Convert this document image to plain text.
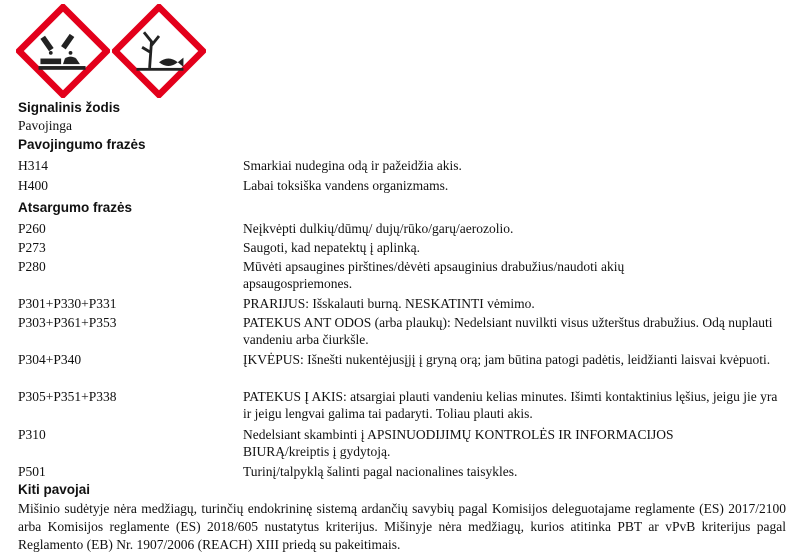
Signalinis žodis
Pavojinga
Pavojingumo frazės
H314	Smarkiai nudegina odą ir pažeidžia akis.
H400	Labai toksiška vandens organizmams.
Atsargumo frazės
P260	Neįkvėpti dulkių/dūmų/ dujų/rūko/garų/aerozolio.
P273	Saugoti, kad nepatektų į aplinką.
P280	Mūvėti apsaugines pirštines/dėvėti apsauginius drabužius/naudoti akių apsaugospriemones.
P301+P330+P331	PRARIJUS: Išskalauti burną. NESKATINTI vėmimo.
P303+P361+P353	PATEKUS ANT ODOS (arba plaukų): Nedelsiant nuvilkti visus užterštus drabužius. Odą nuplauti vandeniu arba čiurkšle.
P304+P340	ĮKVĖPUS: Išnešti nukentėjusįjį į gryną orą; jam būtina patogi padėtis, leidžianti laisvai kvėpuoti.
P305+P351+P338	PATEKUS Į AKIS: atsargiai plauti vandeniu kelias minutes. Išimti kontaktinius lęšius, jeigu jie yra ir jeigu lengvai galima tai padaryti. Toliau plauti akis.
P310	Nedelsiant skambinti į APSINUODIJIMŲ KONTROLĖS IR INFORMACIJOS BIURĄ/kreiptis į gydytoją.
P501	Turinį/talpyklą šalinti pagal nacionalines taisykles.
Kiti pavojai
Mišinio sudėtyje nėra medžiagų, turinčių endokrininę sistemą ardančių savybių pagal Komisijos deleguotajame reglamente (ES) 2017/2100 arba Komisijos reglamente (ES) 2018/605 nustatytus kriterijus. Mišinyje nėra medžiagų, kurios atitinka PBT ar vPvB kriterijus pagal Reglamento (EB) Nr. 1907/2006 (REACH) XIII priedą su pakeitimais.
